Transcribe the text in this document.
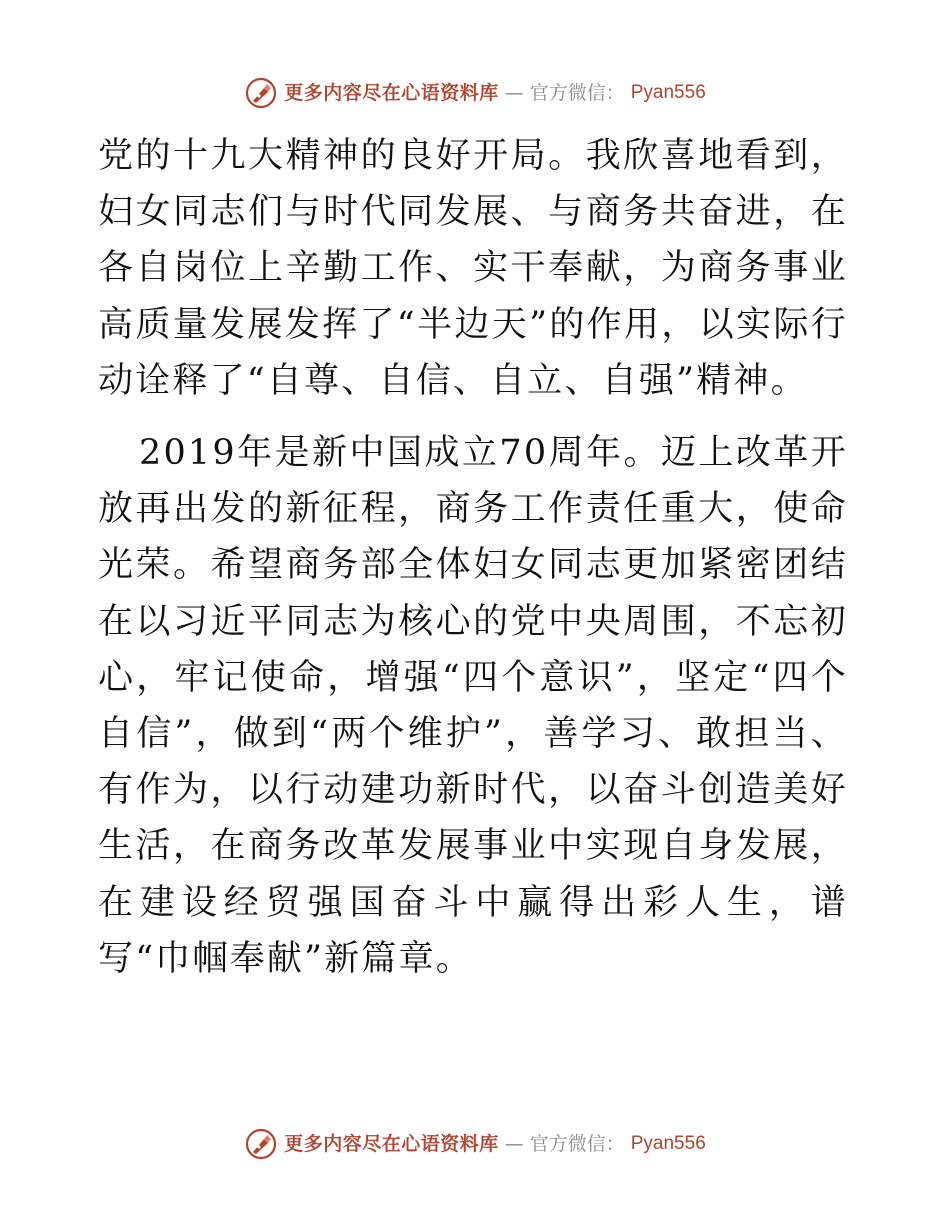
更多内容尽在心语资料库 — 官方微信： Pyan556

党的十九大精神的良好开局。我欣喜地看到，妇女同志们与时代同发展、与商务共奋进，在各自岗位上辛勤工作、实干奉献，为商务事业高质量发展发挥了“半边天”的作用，以实际行动诠释了“自尊、自信、自立、自强”精神。

2019年是新中国成立70周年。迈上改革开放再出发的新征程，商务工作责任重大，使命光荣。希望商务部全体妇女同志更加紧密团结在以习近平同志为核心的党中央周围，不忘初心，牢记使命，增强“四个意识”，坚定“四个自信”，做到“两个维护”，善学习、敢担当、有作为，以行动建功新时代，以奋斗创造美好生活，在商务改革发展事业中实现自身发展，在建设经贸强国奋斗中赢得出彩人生，谱写“巾帼奉献”新篇章。

更多内容尽在心语资料库 — 官方微信： Pyan556
